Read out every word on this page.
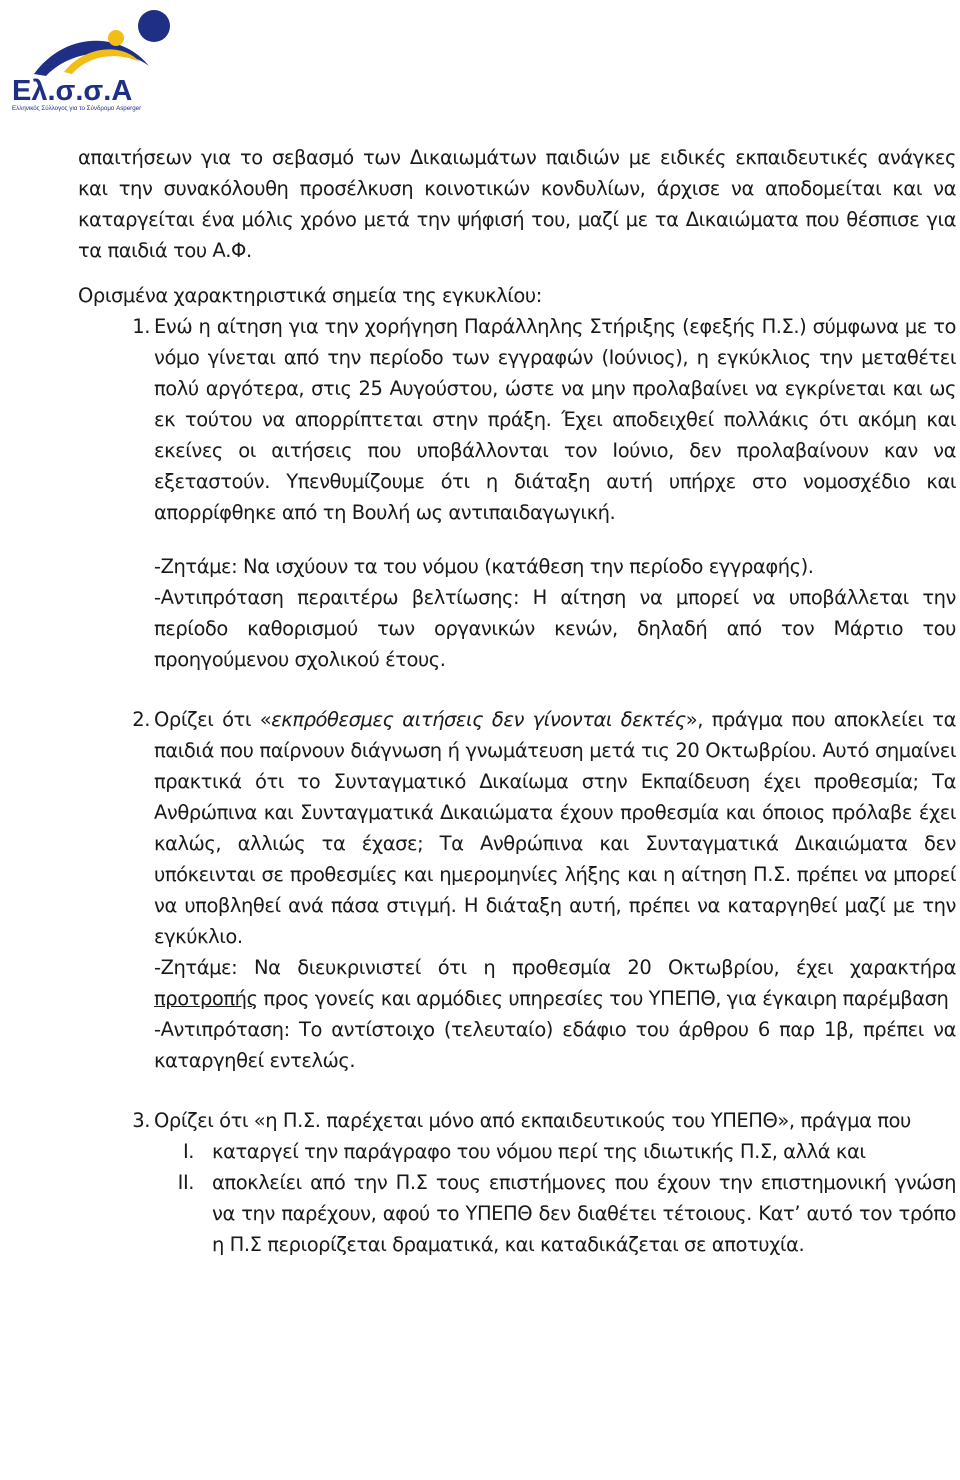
Ελ.σ.σ.Α
Ελληνικός Σύλλογος για το Σύνδρομο Asperger

απαιτήσεων για το σεβασμό των Δικαιωμάτων παιδιών με ειδικές εκπαιδευτικές ανάγκες και την συνακόλουθη προσέλκυση κοινοτικών κονδυλίων, άρχισε να αποδομείται και να καταργείται ένα μόλις χρόνο μετά την ψήφισή του, μαζί με τα Δικαιώματα που θέσπισε για τα παιδιά του Α.Φ.

Ορισμένα χαρακτηριστικά σημεία της εγκυκλίου:

1. Ενώ η αίτηση για την χορήγηση Παράλληλης Στήριξης (εφεξής Π.Σ.) σύμφωνα με το νόμο γίνεται από την περίοδο των εγγραφών (Ιούνιος), η εγκύκλιος την μεταθέτει πολύ αργότερα, στις 25 Αυγούστου, ώστε να μην προλαβαίνει να εγκρίνεται και ως εκ τούτου να απορρίπτεται στην πράξη. Έχει αποδειχθεί πολλάκις ότι ακόμη και εκείνες οι αιτήσεις που υποβάλλονται τον Ιούνιο, δεν προλαβαίνουν καν να εξεταστούν. Υπενθυμίζουμε ότι η διάταξη αυτή υπήρχε στο νομοσχέδιο και απορρίφθηκε από τη Βουλή ως αντιπαιδαγωγική.

-Ζητάμε: Να ισχύουν τα του νόμου (κατάθεση την περίοδο εγγραφής).

-Αντιπρόταση περαιτέρω βελτίωσης: Η αίτηση να μπορεί να υποβάλλεται την περίοδο καθορισμού των οργανικών κενών, δηλαδή από τον Μάρτιο του προηγούμενου σχολικού έτους.

2. Ορίζει ότι «εκπρόθεσμες αιτήσεις δεν γίνονται δεκτές», πράγμα που αποκλείει τα παιδιά που παίρνουν διάγνωση ή γνωμάτευση μετά τις 20 Οκτωβρίου. Αυτό σημαίνει πρακτικά ότι το Συνταγματικό Δικαίωμα στην Εκπαίδευση έχει προθεσμία; Τα Ανθρώπινα και Συνταγματικά Δικαιώματα έχουν προθεσμία και όποιος πρόλαβε έχει καλώς, αλλιώς τα έχασε; Τα Ανθρώπινα και Συνταγματικά Δικαιώματα δεν υπόκεινται σε προθεσμίες και ημερομηνίες λήξης και η αίτηση Π.Σ. πρέπει να μπορεί να υποβληθεί ανά πάσα στιγμή. Η διάταξη αυτή, πρέπει να καταργηθεί μαζί με την εγκύκλιο.

-Ζητάμε: Να διευκρινιστεί ότι η προθεσμία 20 Οκτωβρίου, έχει χαρακτήρα προτροπής προς γονείς και αρμόδιες υπηρεσίες του ΥΠΕΠΘ, για έγκαιρη παρέμβαση

-Αντιπρόταση: Το αντίστοιχο (τελευταίο) εδάφιο του άρθρου 6 παρ 1β, πρέπει να καταργηθεί εντελώς.

3. Ορίζει ότι «η Π.Σ. παρέχεται μόνο από εκπαιδευτικούς του ΥΠΕΠΘ», πράγμα που

I. καταργεί την παράγραφο του νόμου περί της ιδιωτικής Π.Σ, αλλά και

II. αποκλείει από την Π.Σ τους επιστήμονες που έχουν την επιστημονική γνώση να την παρέχουν, αφού το ΥΠΕΠΘ δεν διαθέτει τέτοιους. Κατ’ αυτό τον τρόπο η Π.Σ περιορίζεται δραματικά, και καταδικάζεται σε αποτυχία.
